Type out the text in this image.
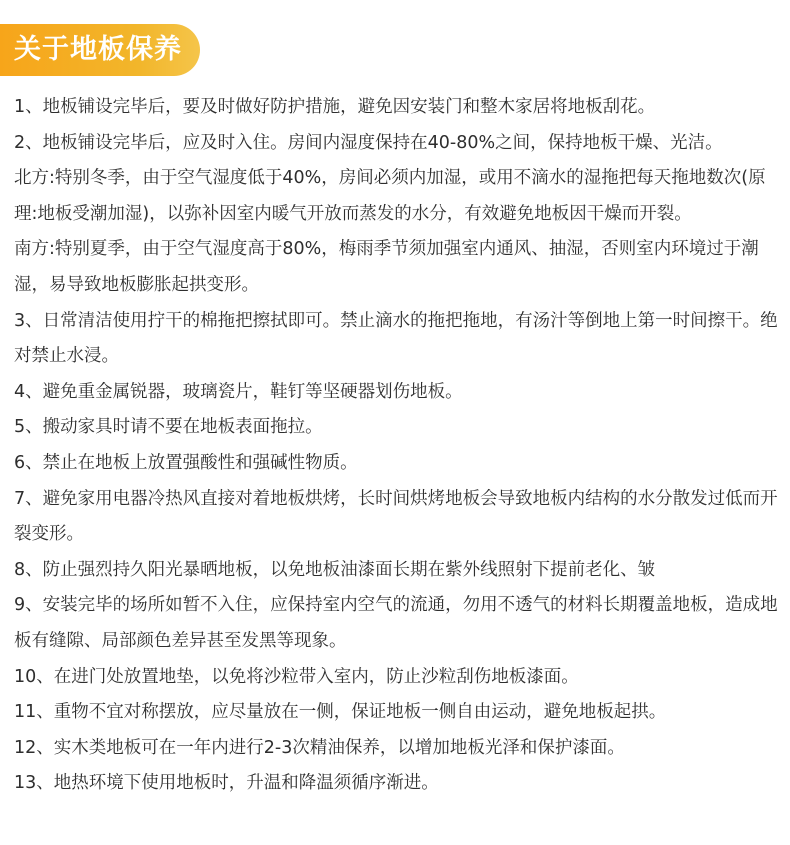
关于地板保养

1、地板铺设完毕后，要及时做好防护措施，避免因安装门和整木家居将地板刮花。

2、地板铺设完毕后，应及时入住。房间内湿度保持在40-80%之间，保持地板干燥、光洁。

北方:特别冬季，由于空气湿度低于40%，房间必须内加湿，或用不滴水的湿拖把每天拖地数次(原理:地板受潮加湿)，以弥补因室内暖气开放而蒸发的水分，有效避免地板因干燥而开裂。

南方:特别夏季，由于空气湿度高于80%，梅雨季节须加强室内通风、抽湿，否则室内环境过于潮湿，易导致地板膨胀起拱变形。

3、日常清洁使用拧干的棉拖把擦拭即可。禁止滴水的拖把拖地，有汤汁等倒地上第一时间擦干。绝对禁止水浸。

4、避免重金属锐器，玻璃瓷片，鞋钉等坚硬器划伤地板。

5、搬动家具时请不要在地板表面拖拉。

6、禁止在地板上放置强酸性和强碱性物质。

7、避免家用电器冷热风直接对着地板烘烤，长时间烘烤地板会导致地板内结构的水分散发过低而开裂变形。

8、防止强烈持久阳光暴晒地板，以免地板油漆面长期在紫外线照射下提前老化、皱

9、安装完毕的场所如暂不入住，应保持室内空气的流通，勿用不透气的材料长期覆盖地板，造成地板有缝隙、局部颜色差异甚至发黑等现象。

10、在进门处放置地垫，以免将沙粒带入室内，防止沙粒刮伤地板漆面。

11、重物不宜对称摆放，应尽量放在一侧，保证地板一侧自由运动，避免地板起拱。

12、实木类地板可在一年内进行2-3次精油保养，以增加地板光泽和保护漆面。

13、地热环境下使用地板时，升温和降温须循序渐进。
